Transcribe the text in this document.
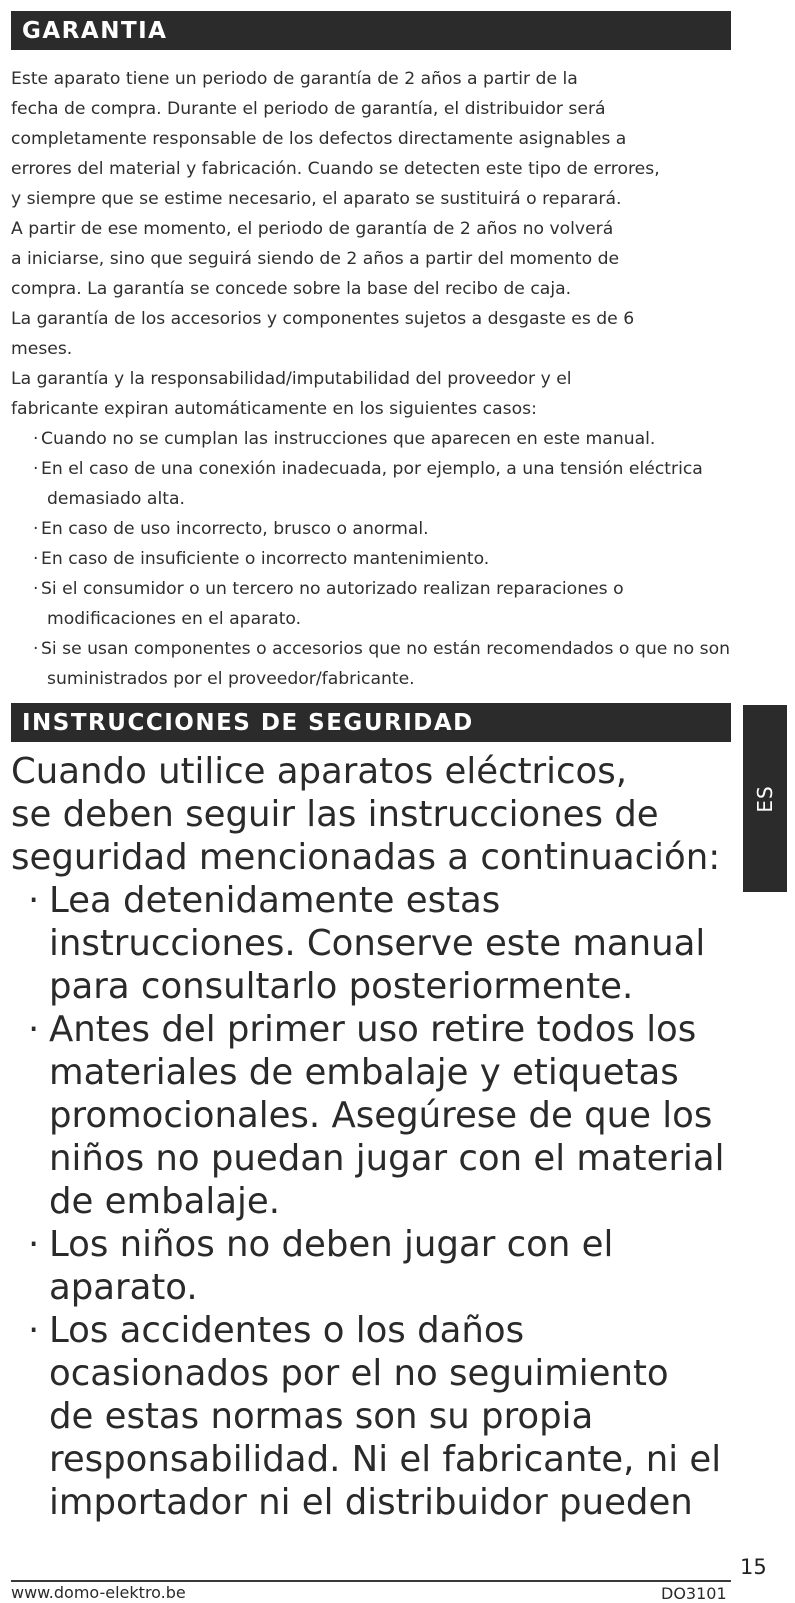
GARANTIA

Este aparato tiene un periodo de garantía de 2 años a partir de la
fecha de compra. Durante el periodo de garantía, el distribuidor será
completamente responsable de los defectos directamente asignables a
errores del material y fabricación. Cuando se detecten este tipo de errores,
y siempre que se estime necesario, el aparato se sustituirá o reparará.
A partir de ese momento, el periodo de garantía de 2 años no volverá
a iniciarse, sino que seguirá siendo de 2 años a partir del momento de
compra. La garantía se concede sobre la base del recibo de caja.

La garantía de los accesorios y componentes sujetos a desgaste es de 6
meses.

La garantía y la responsabilidad/imputabilidad del proveedor y el
fabricante expiran automáticamente en los siguientes casos:

· Cuando no se cumplan las instrucciones que aparecen en este manual.
· En el caso de una conexión inadecuada, por ejemplo, a una tensión eléctrica demasiado alta.
· En caso de uso incorrecto, brusco o anormal.
· En caso de insuficiente o incorrecto mantenimiento.
· Si el consumidor o un tercero no autorizado realizan reparaciones o modificaciones en el aparato.
· Si se usan componentes o accesorios que no están recomendados o que no son suministrados por el proveedor/fabricante.
INSTRUCCIONES DE SEGURIDAD
ES

Cuando utilice aparatos eléctricos,
se deben seguir las instrucciones de
seguridad mencionadas a continuación:

· Lea detenidamente estas
instrucciones. Conserve este manual
para consultarlo posteriormente.
· Antes del primer uso retire todos los
materiales de embalaje y etiquetas
promocionales. Asegúrese de que los
niños no puedan jugar con el material
de embalaje.
· Los niños no deben jugar con el
aparato.
· Los accidentes o los daños
ocasionados por el no seguimiento
de estas normas son su propia
responsabilidad. Ni el fabricante, ni el
importador ni el distribuidor pueden
15
www.domo-elektro.be	DO3101
